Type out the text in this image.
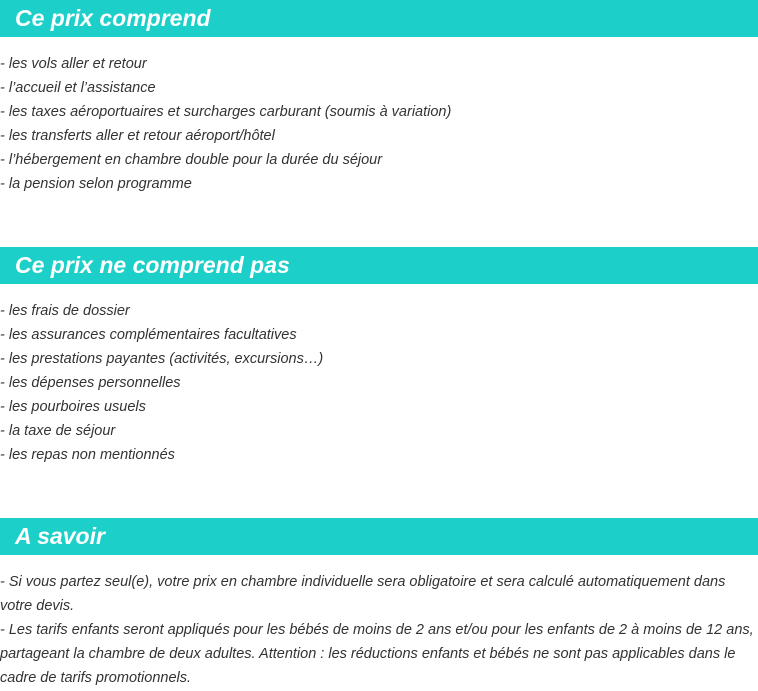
Ce prix comprend
- les vols aller et retour
- l’accueil et l’assistance
- les taxes aéroportuaires et surcharges carburant (soumis à variation)
- les transferts aller et retour aéroport/hôtel
- l’hébergement en chambre double pour la durée du séjour
- la pension selon programme
Ce prix ne comprend pas
- les frais de dossier
- les assurances complémentaires facultatives
- les prestations payantes (activités, excursions…)
- les dépenses personnelles
- les pourboires usuels
- la taxe de séjour
- les repas non mentionnés
A savoir

- Si vous partez seul(e), votre prix en chambre individuelle sera obligatoire et sera calculé automatiquement dans votre devis.

- Les tarifs enfants seront appliqués pour les bébés de moins de 2 ans et/ou pour les enfants de 2 à moins de 12 ans, partageant la chambre de deux adultes. Attention : les réductions enfants et bébés ne sont pas applicables dans le cadre de tarifs promotionnels.
